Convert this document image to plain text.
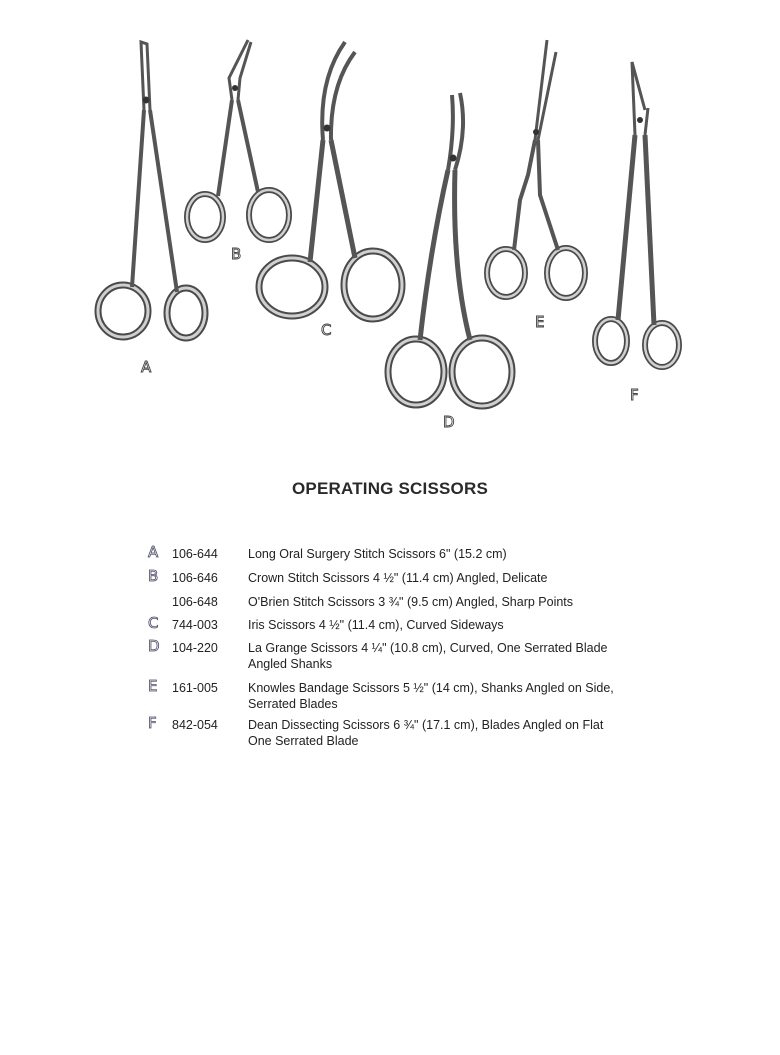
A
B
C
D
E
F
OPERATING SCISSORS
A	106-644 Long Oral Surgery Stitch Scissors 6" (15.2 cm)
B	106-646 Crown Stitch Scissors 4 ½" (11.4 cm) Angled, Delicate
106-648 O'Brien Stitch Scissors 3 ¾" (9.5 cm) Angled, Sharp Points
C	744-003 Iris Scissors 4 ½" (11.4 cm), Curved Sideways
D 104-220 La Grange Scissors 4 ¼" (10.8 cm), Curved, One Serrated Blade
Angled Shanks
E	161-005 Knowles Bandage Scissors 5 ½" (14 cm), Shanks Angled on Side,
Serrated Blades
F	842-054 Dean Dissecting Scissors 6 ¾" (17.1 cm), Blades Angled on Flat
One Serrated Blade
